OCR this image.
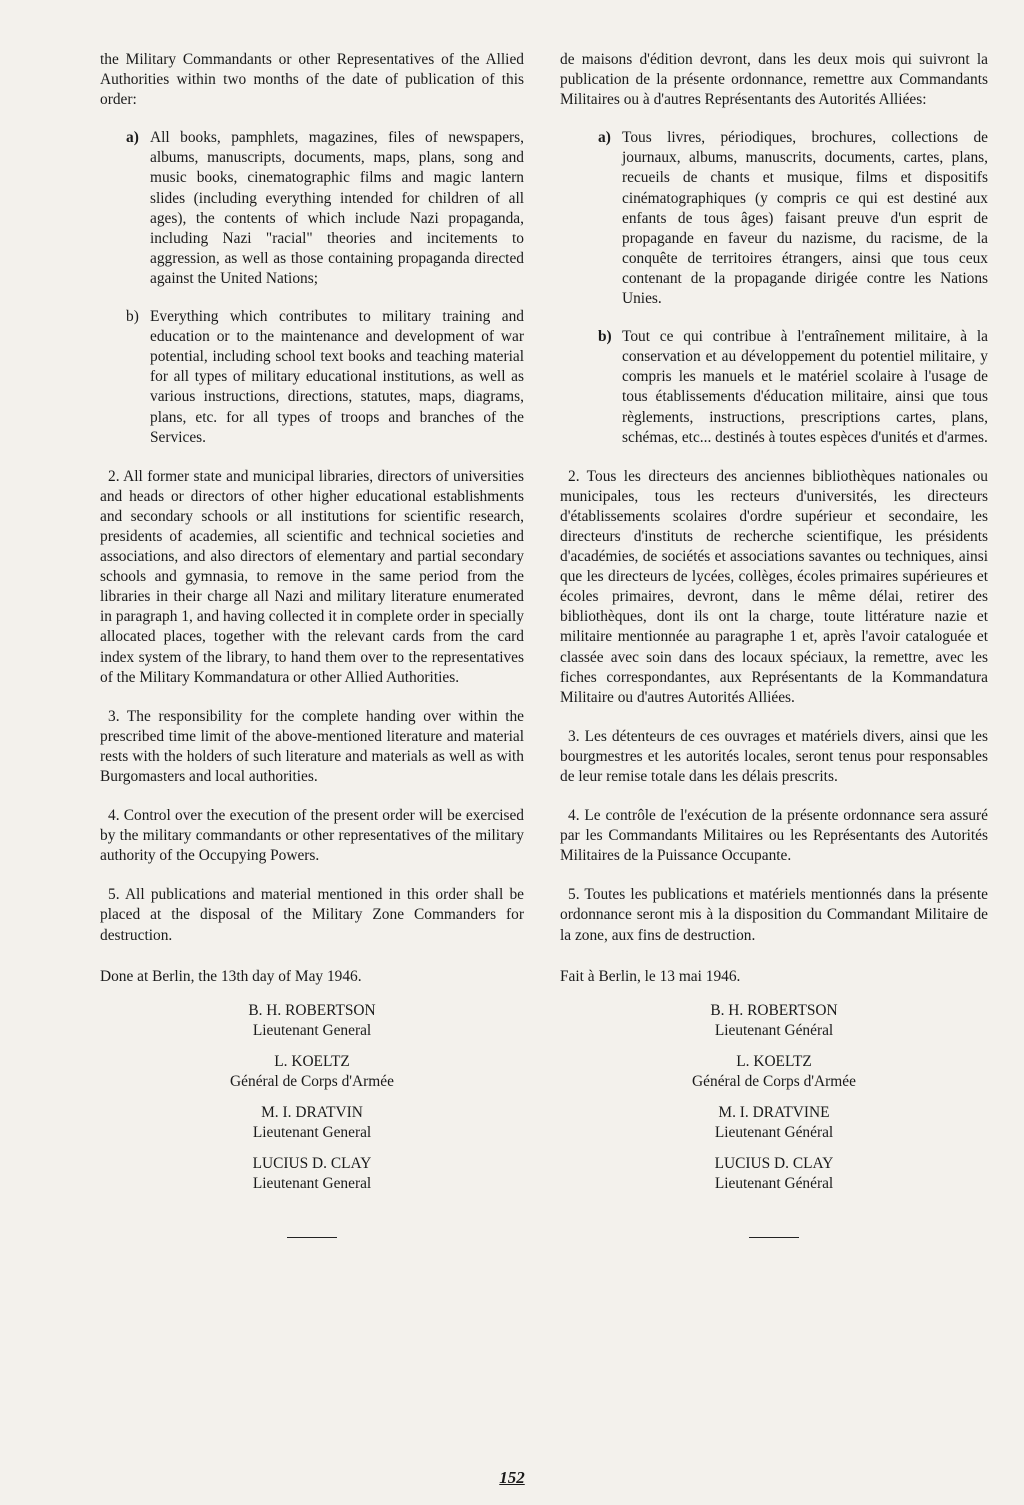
the Military Commandants or other Representatives of the Allied Authorities within two months of the date of publication of this order:

a) All books, pamphlets, magazines, files of newspapers, albums, manuscripts, documents, maps, plans, song and music books, cinematographic films and magic lantern slides (including everything intended for children of all ages), the contents of which include Nazi propaganda, including Nazi "racial" theories and incitements to aggression, as well as those containing propaganda directed against the United Nations;
b) Everything which contributes to military training and education or to the maintenance and development of war potential, including school text books and teaching material for all types of military educational institutions, as well as various instructions, directions, statutes, maps, diagrams, plans, etc. for all types of troops and branches of the Services.

2. All former state and municipal libraries, directors of universities and heads or directors of other higher educational establishments and secondary schools or all institutions for scientific research, presidents of academies, all scientific and technical societies and associations, and also directors of elementary and partial secondary schools and gymnasia, to remove in the same period from the libraries in their charge all Nazi and military literature enumerated in paragraph 1, and having collected it in complete order in specially allocated places, together with the relevant cards from the card index system of the library, to hand them over to the representatives of the Military Kommandatura or other Allied Authorities.

3. The responsibility for the complete handing over within the prescribed time limit of the above-mentioned literature and material rests with the holders of such literature and materials as well as with Burgomasters and local authorities.

4. Control over the execution of the present order will be exercised by the military commandants or other representatives of the military authority of the Occupying Powers.

5. All publications and material mentioned in this order shall be placed at the disposal of the Military Zone Commanders for destruction.

Done at Berlin, the 13th day of May 1946.

B. H. ROBERTSON
Lieutenant General
L. KOELTZ
Général de Corps d'Armée
M. I. DRATVIN
Lieutenant General
LUCIUS D. CLAY
Lieutenant General

de maisons d'édition devront, dans les deux mois qui suivront la publication de la présente ordonnance, remettre aux Commandants Militaires ou à d'autres Représentants des Autorités Alliées:

a) Tous livres, périodiques, brochures, collections de journaux, albums, manuscrits, documents, cartes, plans, recueils de chants et musique, films et dispositifs cinématographiques (y compris ce qui est destiné aux enfants de tous âges) faisant preuve d'un esprit de propagande en faveur du nazisme, du racisme, de la conquête de territoires étrangers, ainsi que tous ceux contenant de la propagande dirigée contre les Nations Unies.
b) Tout ce qui contribue à l'entraînement militaire, à la conservation et au développement du potentiel militaire, y compris les manuels et le matériel scolaire à l'usage de tous établissements d'éducation militaire, ainsi que tous règlements, instructions, prescriptions cartes, plans, schémas, etc... destinés à toutes espèces d'unités et d'armes.

2. Tous les directeurs des anciennes bibliothèques nationales ou municipales, tous les recteurs d'universités, les directeurs d'établissements scolaires d'ordre supérieur et secondaire, les directeurs d'instituts de recherche scientifique, les présidents d'académies, de sociétés et associations savantes ou techniques, ainsi que les directeurs de lycées, collèges, écoles primaires supérieures et écoles primaires, devront, dans le même délai, retirer des bibliothèques, dont ils ont la charge, toute littérature nazie et militaire mentionnée au paragraphe 1 et, après l'avoir cataloguée et classée avec soin dans des locaux spéciaux, la remettre, avec les fiches correspondantes, aux Représentants de la Kommandatura Militaire ou d'autres Autorités Alliées.

3. Les détenteurs de ces ouvrages et matériels divers, ainsi que les bourgmestres et les autorités locales, seront tenus pour responsables de leur remise totale dans les délais prescrits.

4. Le contrôle de l'exécution de la présente ordonnance sera assuré par les Commandants Militaires ou les Représentants des Autorités Militaires de la Puissance Occupante.

5. Toutes les publications et matériels mentionnés dans la présente ordonnance seront mis à la disposition du Commandant Militaire de la zone, aux fins de destruction.

Fait à Berlin, le 13 mai 1946.

B. H. ROBERTSON
Lieutenant Général
L. KOELTZ
Général de Corps d'Armée
M. I. DRATVINE
Lieutenant Général
LUCIUS D. CLAY
Lieutenant Général
152
